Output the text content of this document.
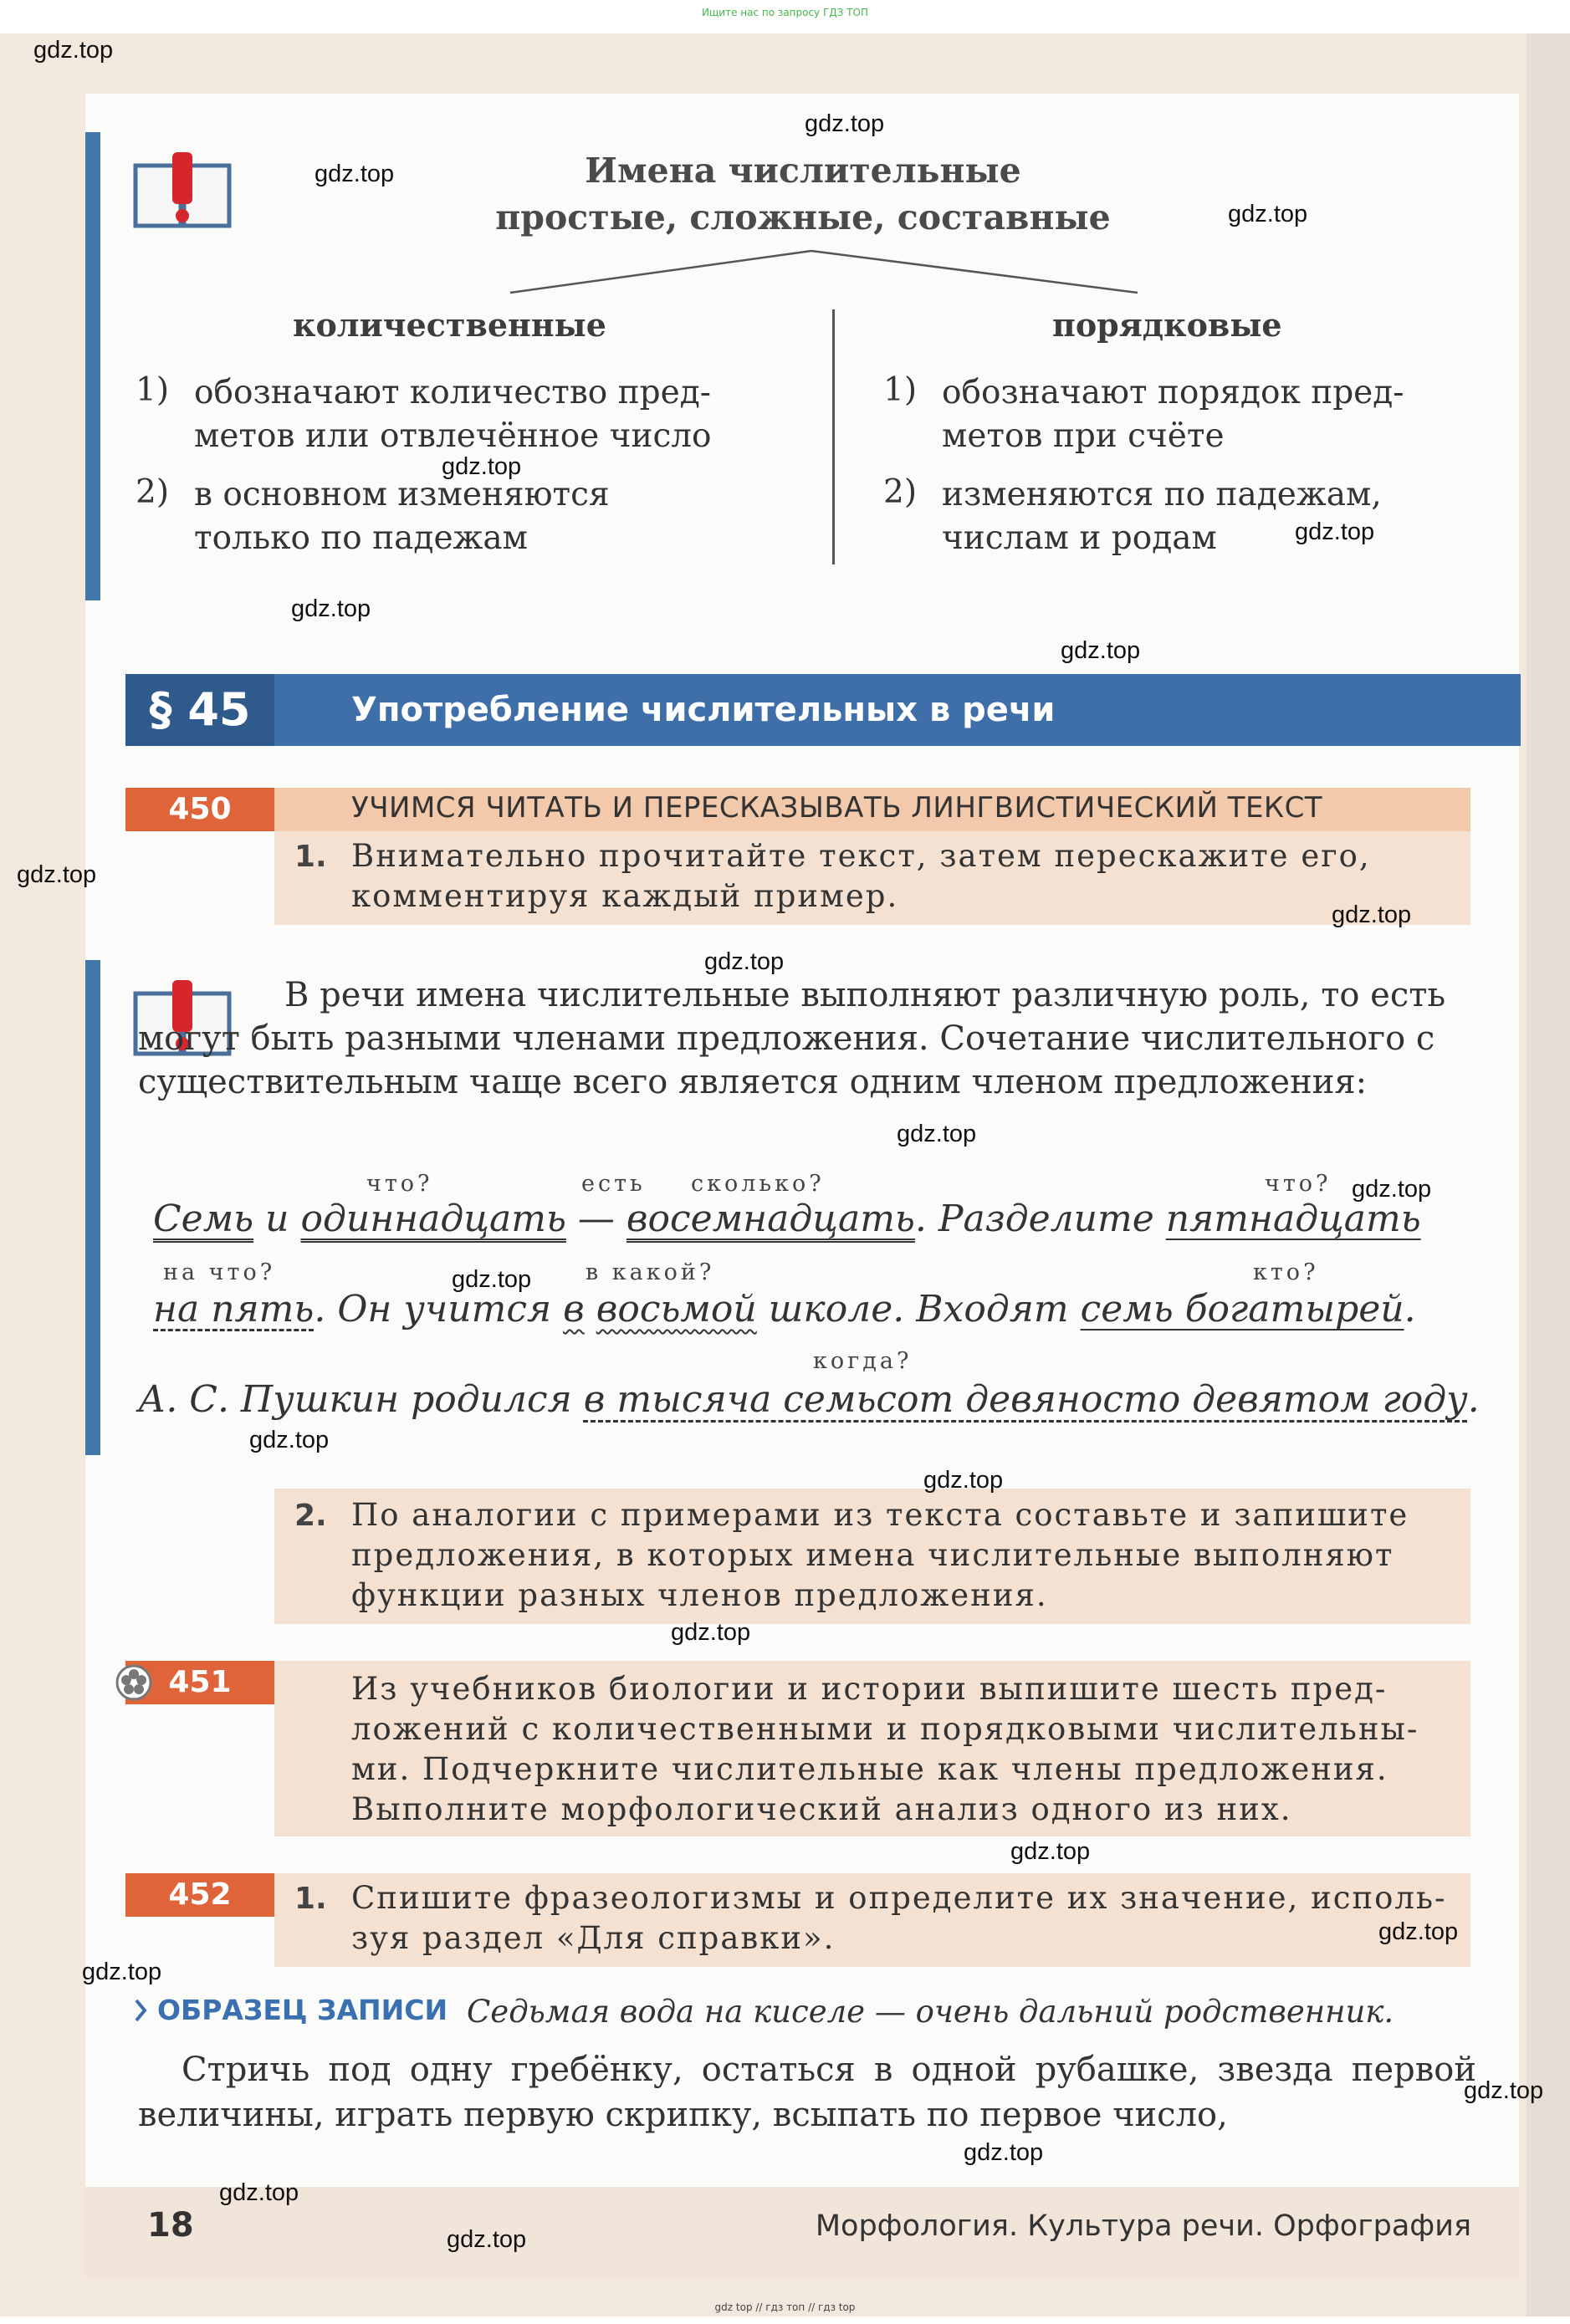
Ищите нас по запросу ГДЗ ТОП
Имена числительные
простые, сложные, составные
количественные	порядковые
1) обозначают количество пред-
метов или отвлечённое число
2) в основном изменяются
только по падежам
1) обозначают порядок пред-
метов при счёте
2) изменяются по падежам,
числам и родам
§ 45	Употребление числительных в речи
450	УЧИМСЯ ЧИТАТЬ И ПЕРЕСКАЗЫВАТЬ ЛИНГВИСТИЧЕСКИЙ ТЕКСТ
1. Внимательно прочитайте текст, затем перескажите его,
комментируя каждый пример.
В речи имена числительные выполняют различную роль, то есть могут быть разными членами предложения. Сочетание числительного с существительным чаще всего является одним членом предложения:
что?	есть сколько?	что?
Семь и одиннадцать — восемнадцать. Разделите пятнадцать
на что?	в какой?	кто?
на пять. Он учится в восьмой школе. Входят семь богатырей.
когда?
А. С. Пушкин родился в тысяча семьсот девяносто девятом году.
2. По аналогии с примерами из текста составьте и запишите
предложения, в которых имена числительные выполняют
функции разных членов предложения.
451	Из учебников биологии и истории выпишите шесть пред-
ложений с количественными и порядковыми числительны-
ми. Подчеркните числительные как члены предложения.
Выполните морфологический анализ одного из них.
452	1. Спишите фразеологизмы и определите их значение, исполь-
зуя раздел «Для справки».
ОБРАЗЕЦ ЗАПИСИ Седьмая вода на киселе — очень дальний родственник.
Стричь под одну гребёнку, остаться в одной рубашке, звезда первой величины, играть первую скрипку, всыпать по первое число,
18	Морфология. Культура речи. Орфография
gdz top // гдз топ // гдз top
gdz.top
gdz.top
gdz.top
gdz.top
gdz.top
gdz.top
gdz.top
gdz.top
gdz.top
gdz.top
gdz.top
gdz.top
gdz.top
gdz.top
gdz.top
gdz.top
gdz.top
gdz.top
gdz.top
gdz.top
gdz.top
gdz.top
gdz.top
gdz.top
